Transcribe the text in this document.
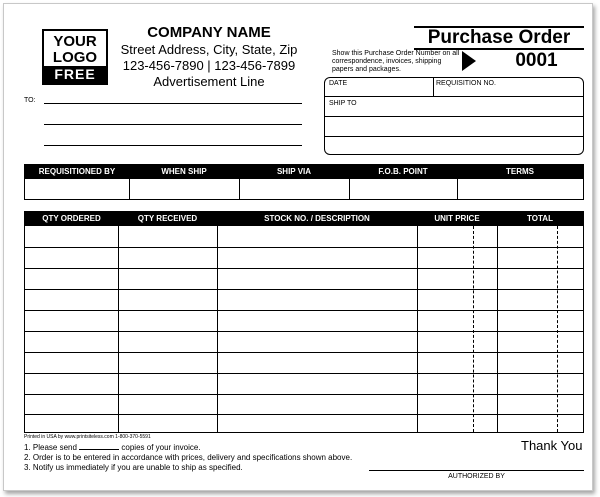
YOUR
LOGO
FREE
COMPANY NAME
Street Address, City, State, Zip
123-456-7890 | 123-456-7899
Advertisement Line
TO:
Purchase Order
Show this Purchase Order Number on all correspondence, invoices, shipping papers and packages.	0001
DATE	REQUISITION NO.
SHIP TO
REQUISITIONED BY	WHEN SHIP	SHIP VIA	F.O.B. POINT	TERMS
QTY ORDERED	QTY RECEIVED	STOCK NO. / DESCRIPTION	UNIT PRICE	TOTAL
Printed in USA by www.printsiteless.com 1-800-370-5591
1. Please send	copies of your invoice.
2. Order is to be entered in accordance with prices, delivery and specifications shown above.
3. Notify us immediately if you are unable to ship as specified.
Thank You
AUTHORIZED BY
